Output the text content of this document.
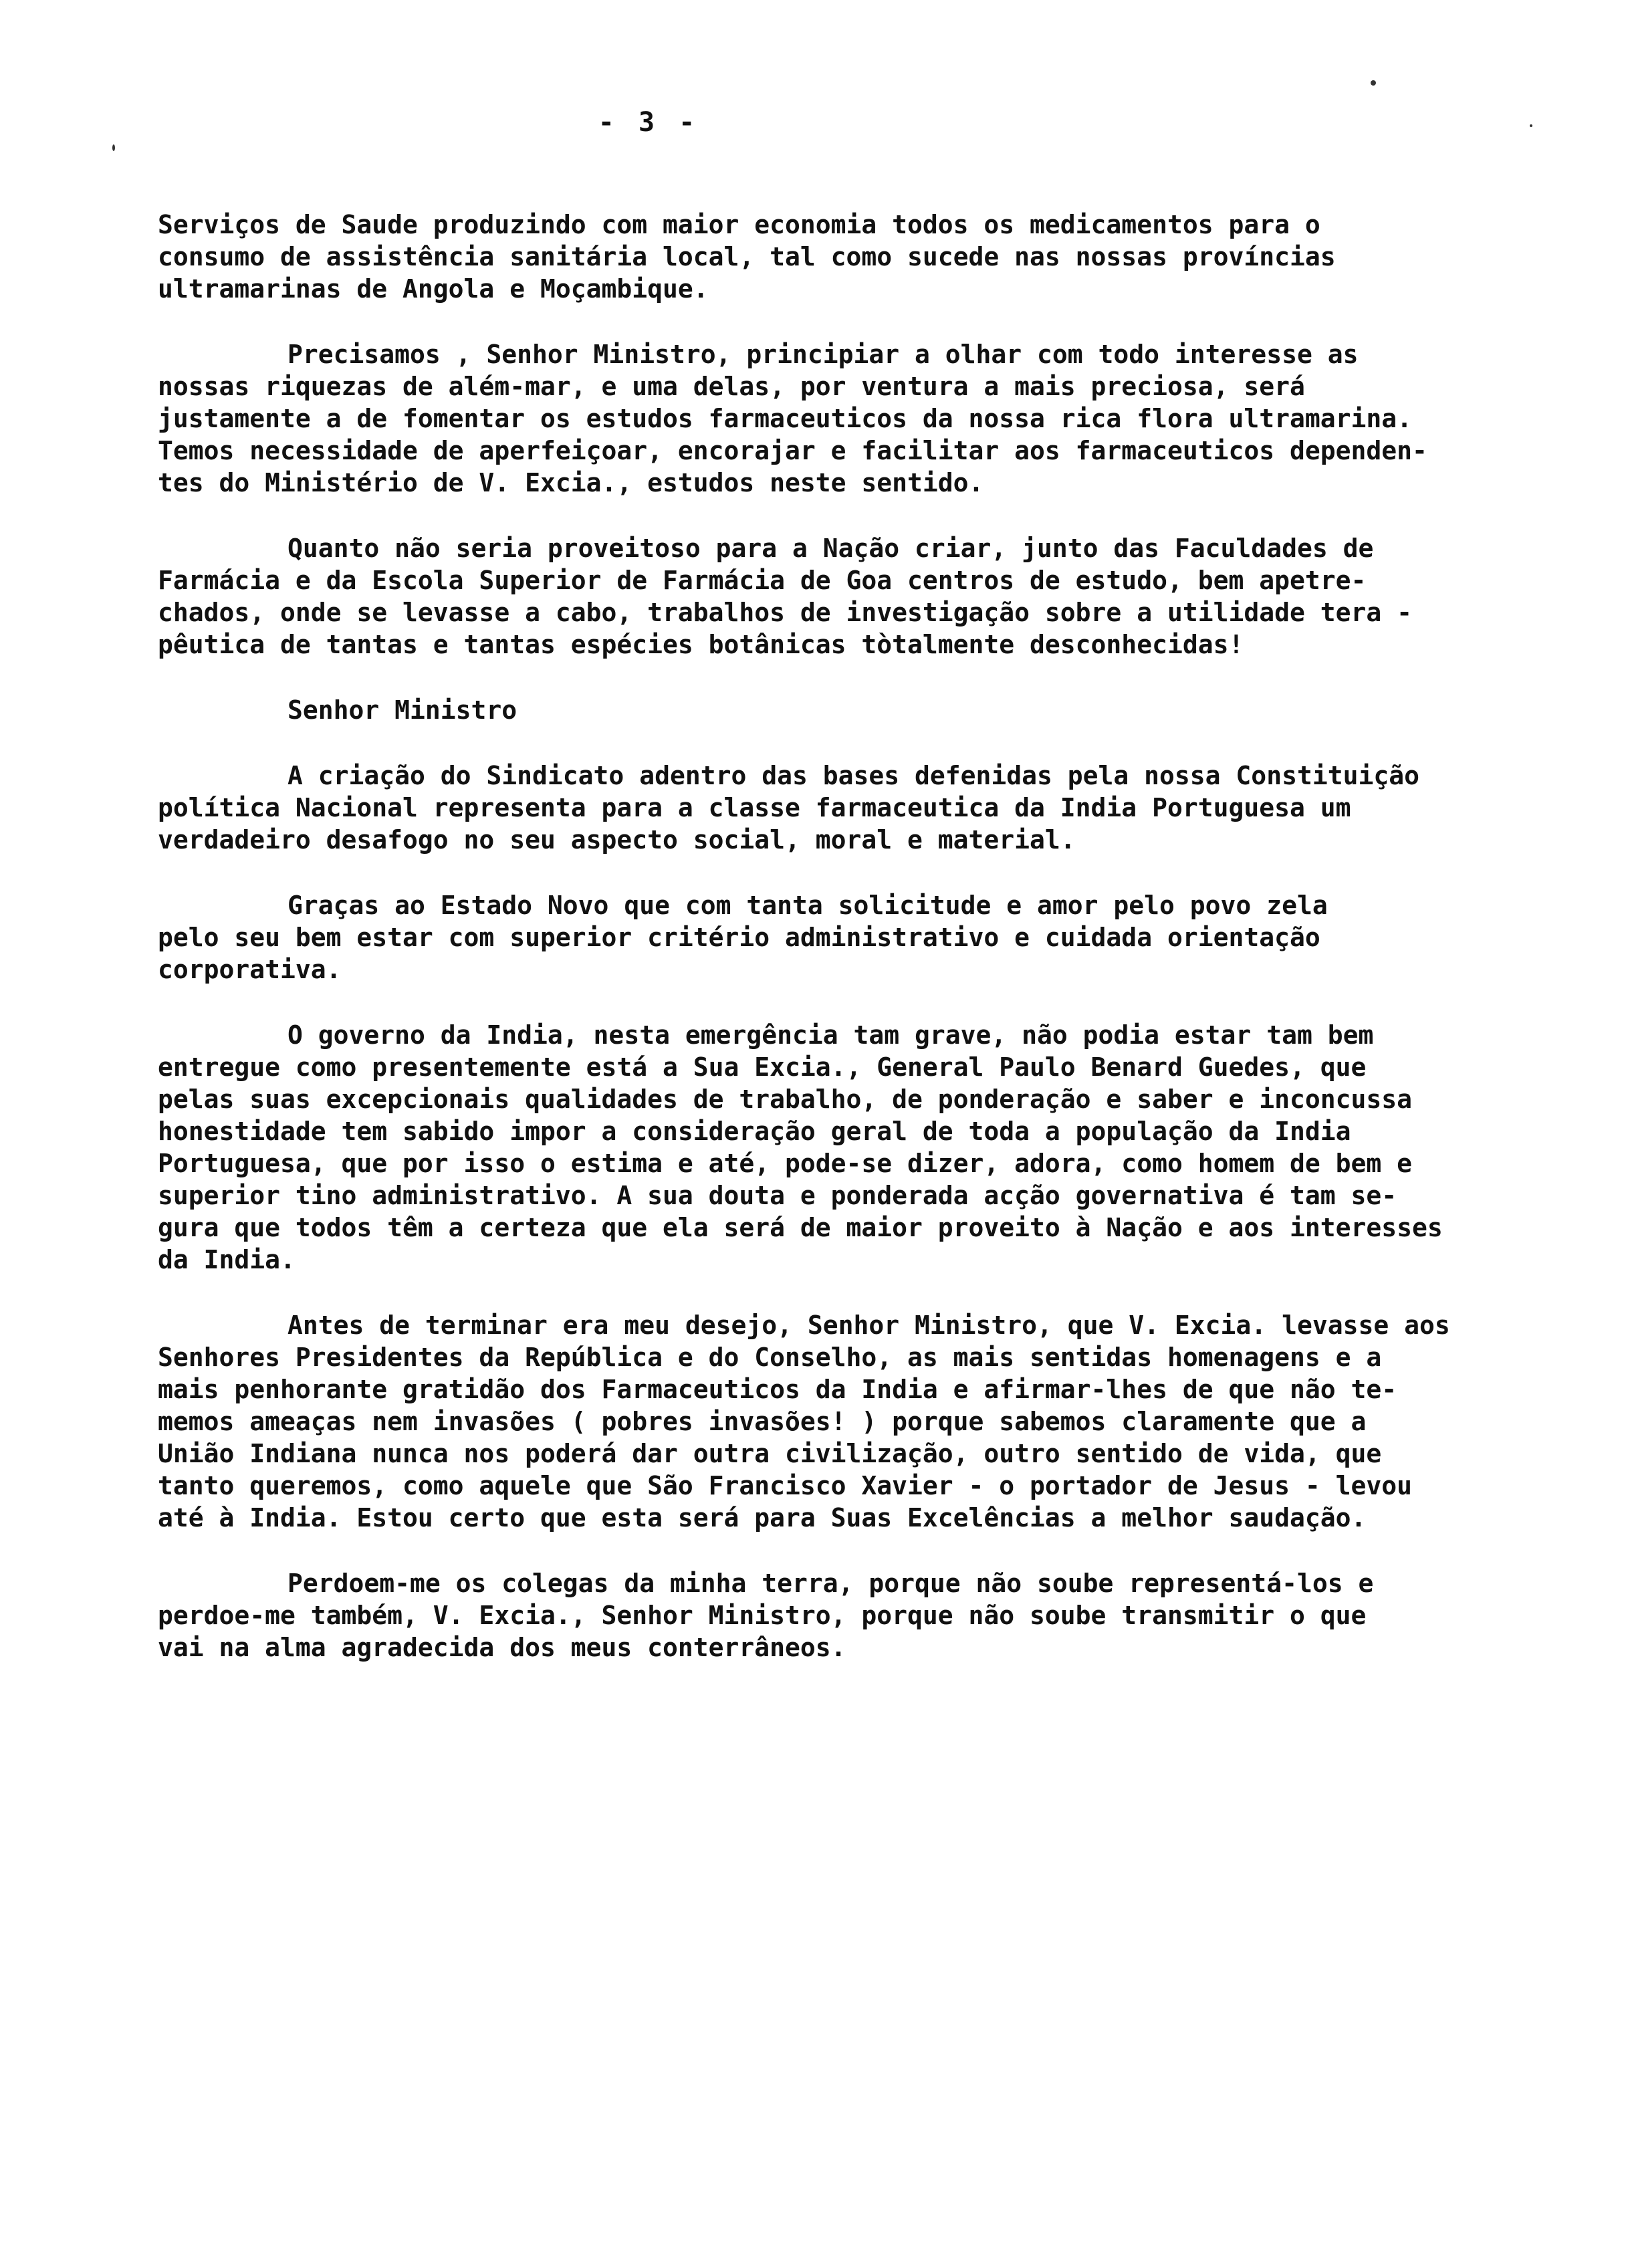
- 3 -
Serviços de Saude produzindo com maior economia todos os medicamentos para o
consumo de assistência sanitária local, tal como sucede nas nossas províncias
ultramarinas de Angola e Moçambique.
Precisamos , Senhor Ministro, principiar a olhar com todo interesse as
nossas riquezas de além-mar, e uma delas, por ventura a mais preciosa, será
justamente a de fomentar os estudos farmaceuticos da nossa rica flora ultramarina.
Temos necessidade de aperfeiçoar, encorajar e facilitar aos farmaceuticos dependen-
tes do Ministério de V. Excia., estudos neste sentido.
Quanto não seria proveitoso para a Nação criar, junto das Faculdades de
Farmácia e da Escola Superior de Farmácia de Goa centros de estudo, bem apetre-
chados, onde se levasse a cabo, trabalhos de investigação sobre a utilidade tera -
pêutica de tantas e tantas espécies botânicas tòtalmente desconhecidas!
Senhor Ministro
A criação do Sindicato adentro das bases defenidas pela nossa Constituição
política Nacional representa para a classe farmaceutica da India Portuguesa um
verdadeiro desafogo no seu aspecto social, moral e material.
Graças ao Estado Novo que com tanta solicitude e amor pelo povo zela
pelo seu bem estar com superior critério administrativo e cuidada orientação
corporativa.
O governo da India, nesta emergência tam grave, não podia estar tam bem
entregue como presentemente está a Sua Excia., General Paulo Benard Guedes, que
pelas suas excepcionais qualidades de trabalho, de ponderação e saber e inconcussa
honestidade tem sabido impor a consideração geral de toda a população da India
Portuguesa, que por isso o estima e até, pode-se dizer, adora, como homem de bem e
superior tino administrativo. A sua douta e ponderada acção governativa é tam se-
gura que todos têm a certeza que ela será de maior proveito à Nação e aos interesses
da India.
Antes de terminar era meu desejo, Senhor Ministro, que V. Excia. levasse aos
Senhores Presidentes da República e do Conselho, as mais sentidas homenagens e a
mais penhorante gratidão dos Farmaceuticos da India e afirmar-lhes de que não te-
memos ameaças nem invasões ( pobres invasões! ) porque sabemos claramente que a
União Indiana nunca nos poderá dar outra civilização, outro sentido de vida, que
tanto queremos, como aquele que São Francisco Xavier - o portador de Jesus - levou
até à India. Estou certo que esta será para Suas Excelências a melhor saudação.
Perdoem-me os colegas da minha terra, porque não soube representá-los e
perdoe-me também, V. Excia., Senhor Ministro, porque não soube transmitir o que
vai na alma agradecida dos meus conterrâneos.
